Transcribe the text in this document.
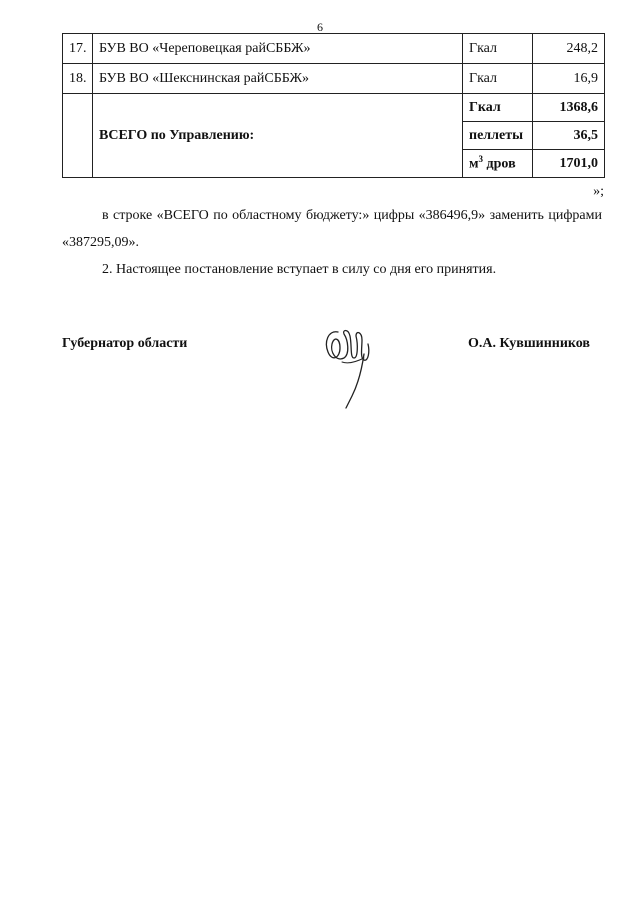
6
17.	БУВ ВО «Череповецкая райСББЖ»	Гкал	248,2
18.	БУВ ВО «Шекснинская райСББЖ»	Гкал	16,9
	ВСЕГО по Управлению:	Гкал	1368,6
		пеллеты	36,5
		$м^3$ дров	1701,0
»;

в строке «ВСЕГО по областному бюджету:» цифры «386496,9» заменить цифрами «387295,09».

2. Настоящее постановление вступает в силу со дня его принятия.

Губернатор области	О.А. Кувшинников
